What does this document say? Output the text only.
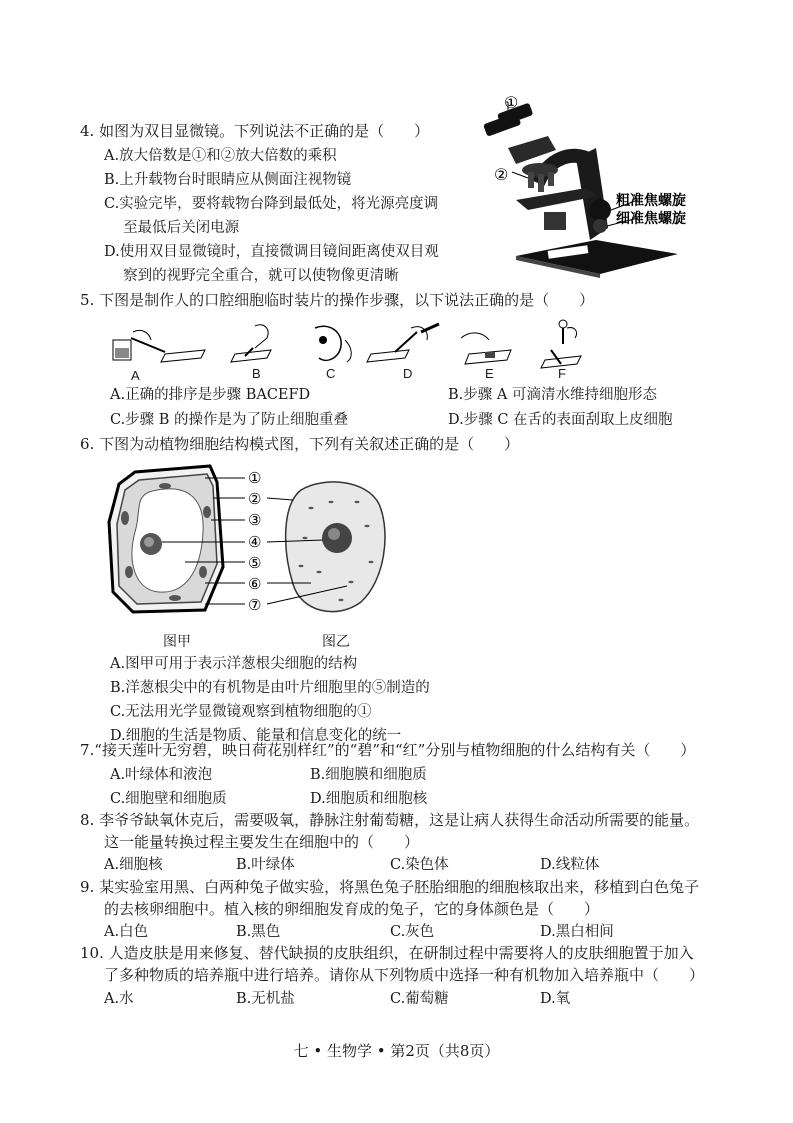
4. 如图为双目显微镜。下列说法不正确的是（　　）
A.放大倍数是①和②放大倍数的乘积
B.上升载物台时眼睛应从侧面注视物镜
C.实验完毕，要将载物台降到最低处，将光源亮度调
　 至最低后关闭电源
D.使用双目显微镜时，直接微调目镜间距离使双目观
　 察到的视野完全重合，就可以使物像更清晰
①
②
粗准焦螺旋
细准焦螺旋
5. 下图是制作人的口腔细胞临时装片的操作步骤，以下说法正确的是（　　）
A	B	C	D	E	F
A.正确的排序是步骤 BACEFD	B.步骤 A 可滴清水维持细胞形态
C.步骤 B 的操作是为了防止细胞重叠	D.步骤 C 在舌的表面刮取上皮细胞
6. 下图为动植物细胞结构模式图，下列有关叙述正确的是（　　）
①
②
③
④
⑤
⑥
⑦
图甲	图乙
A.图甲可用于表示洋葱根尖细胞的结构
B.洋葱根尖中的有机物是由叶片细胞里的⑤制造的
C.无法用光学显微镜观察到植物细胞的①
D.细胞的生活是物质、能量和信息变化的统一
7.“接天莲叶无穷碧，映日荷花别样红”的“碧”和“红”分别与植物细胞的什么结构有关（　　）
A.叶绿体和液泡	B.细胞膜和细胞质
C.细胞壁和细胞质	D.细胞质和细胞核
8. 李爷爷缺氧休克后，需要吸氧，静脉注射葡萄糖，这是让病人获得生命活动所需要的能量。
这一能量转换过程主要发生在细胞中的（　　）
A.细胞核	B.叶绿体	C.染色体	D.线粒体
9. 某实验室用黑、白两种兔子做实验，将黑色兔子胚胎细胞的细胞核取出来，移植到白色兔子
的去核卵细胞中。植入核的卵细胞发育成的兔子，它的身体颜色是（　　）
A.白色	B.黑色	C.灰色	D.黑白相间
10. 人造皮肤是用来修复、替代缺损的皮肤组织，在研制过程中需要将人的皮肤细胞置于加入
了多种物质的培养瓶中进行培养。请你从下列物质中选择一种有机物加入培养瓶中（　　）
A.水	B.无机盐	C.葡萄糖	D.氧
七 • 生物学 • 第2页（共8页）
